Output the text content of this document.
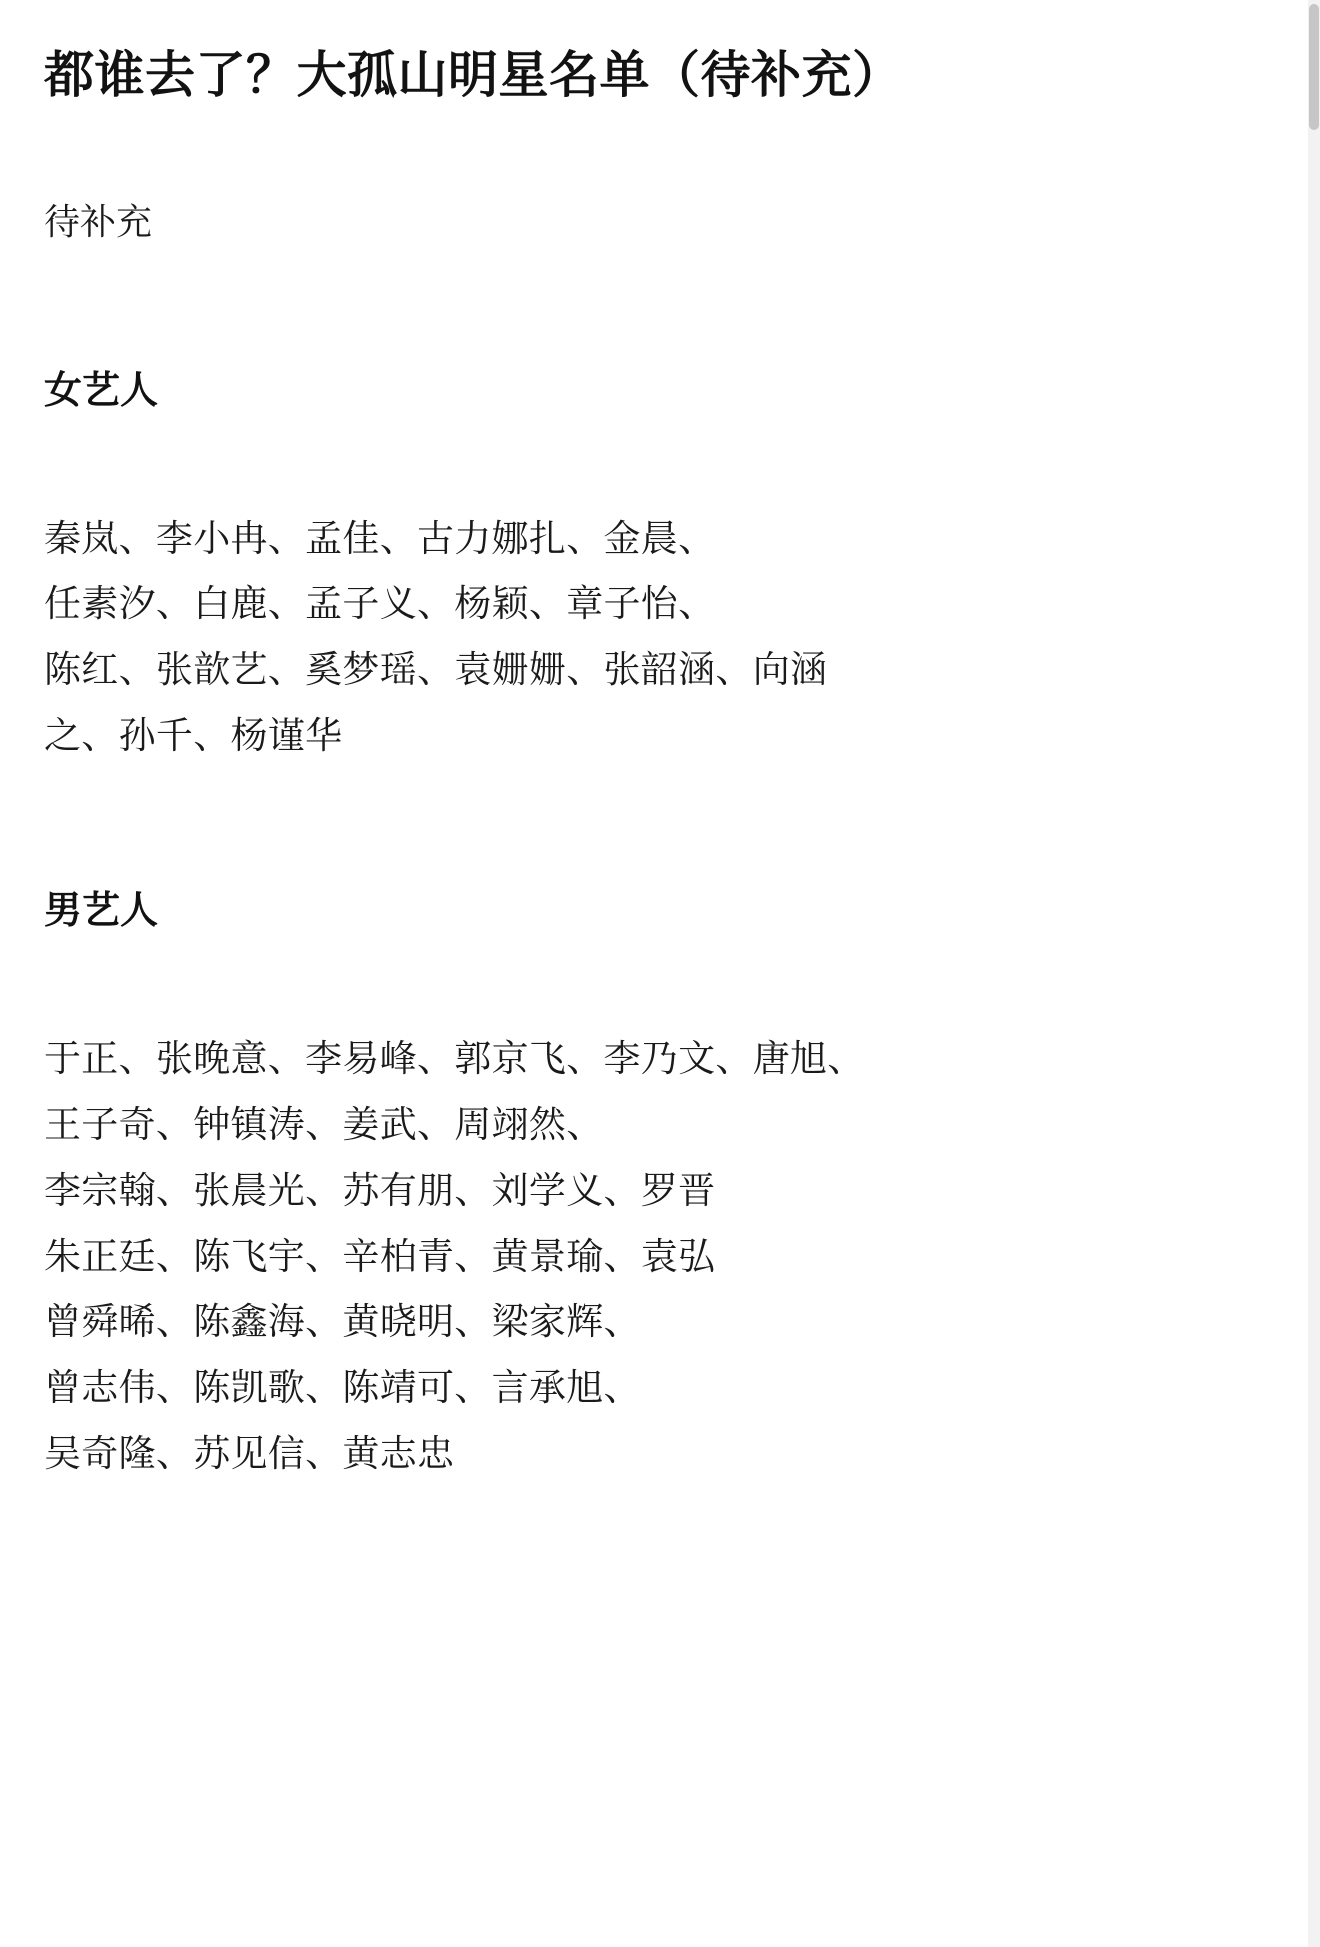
都谁去了？大孤山明星名单（待补充）

待补充

女艺人
秦岚、李小冉、孟佳、古力娜扎、金晨、
任素汐、白鹿、孟子义、杨颖、章子怡、
陈红、张歆艺、奚梦瑶、袁姗姗、张韶涵、向涵
之、孙千、杨谨华
男艺人
于正、张晚意、李易峰、郭京飞、李乃文、唐旭、
王子奇、钟镇涛、姜武、周翊然、
李宗翰、张晨光、苏有朋、刘学义、罗晋
朱正廷、陈飞宇、辛柏青、黄景瑜、袁弘
曾舜晞、陈鑫海、黄晓明、梁家辉、
曾志伟、陈凯歌、陈靖可、言承旭、
吴奇隆、苏见信、黄志忠
